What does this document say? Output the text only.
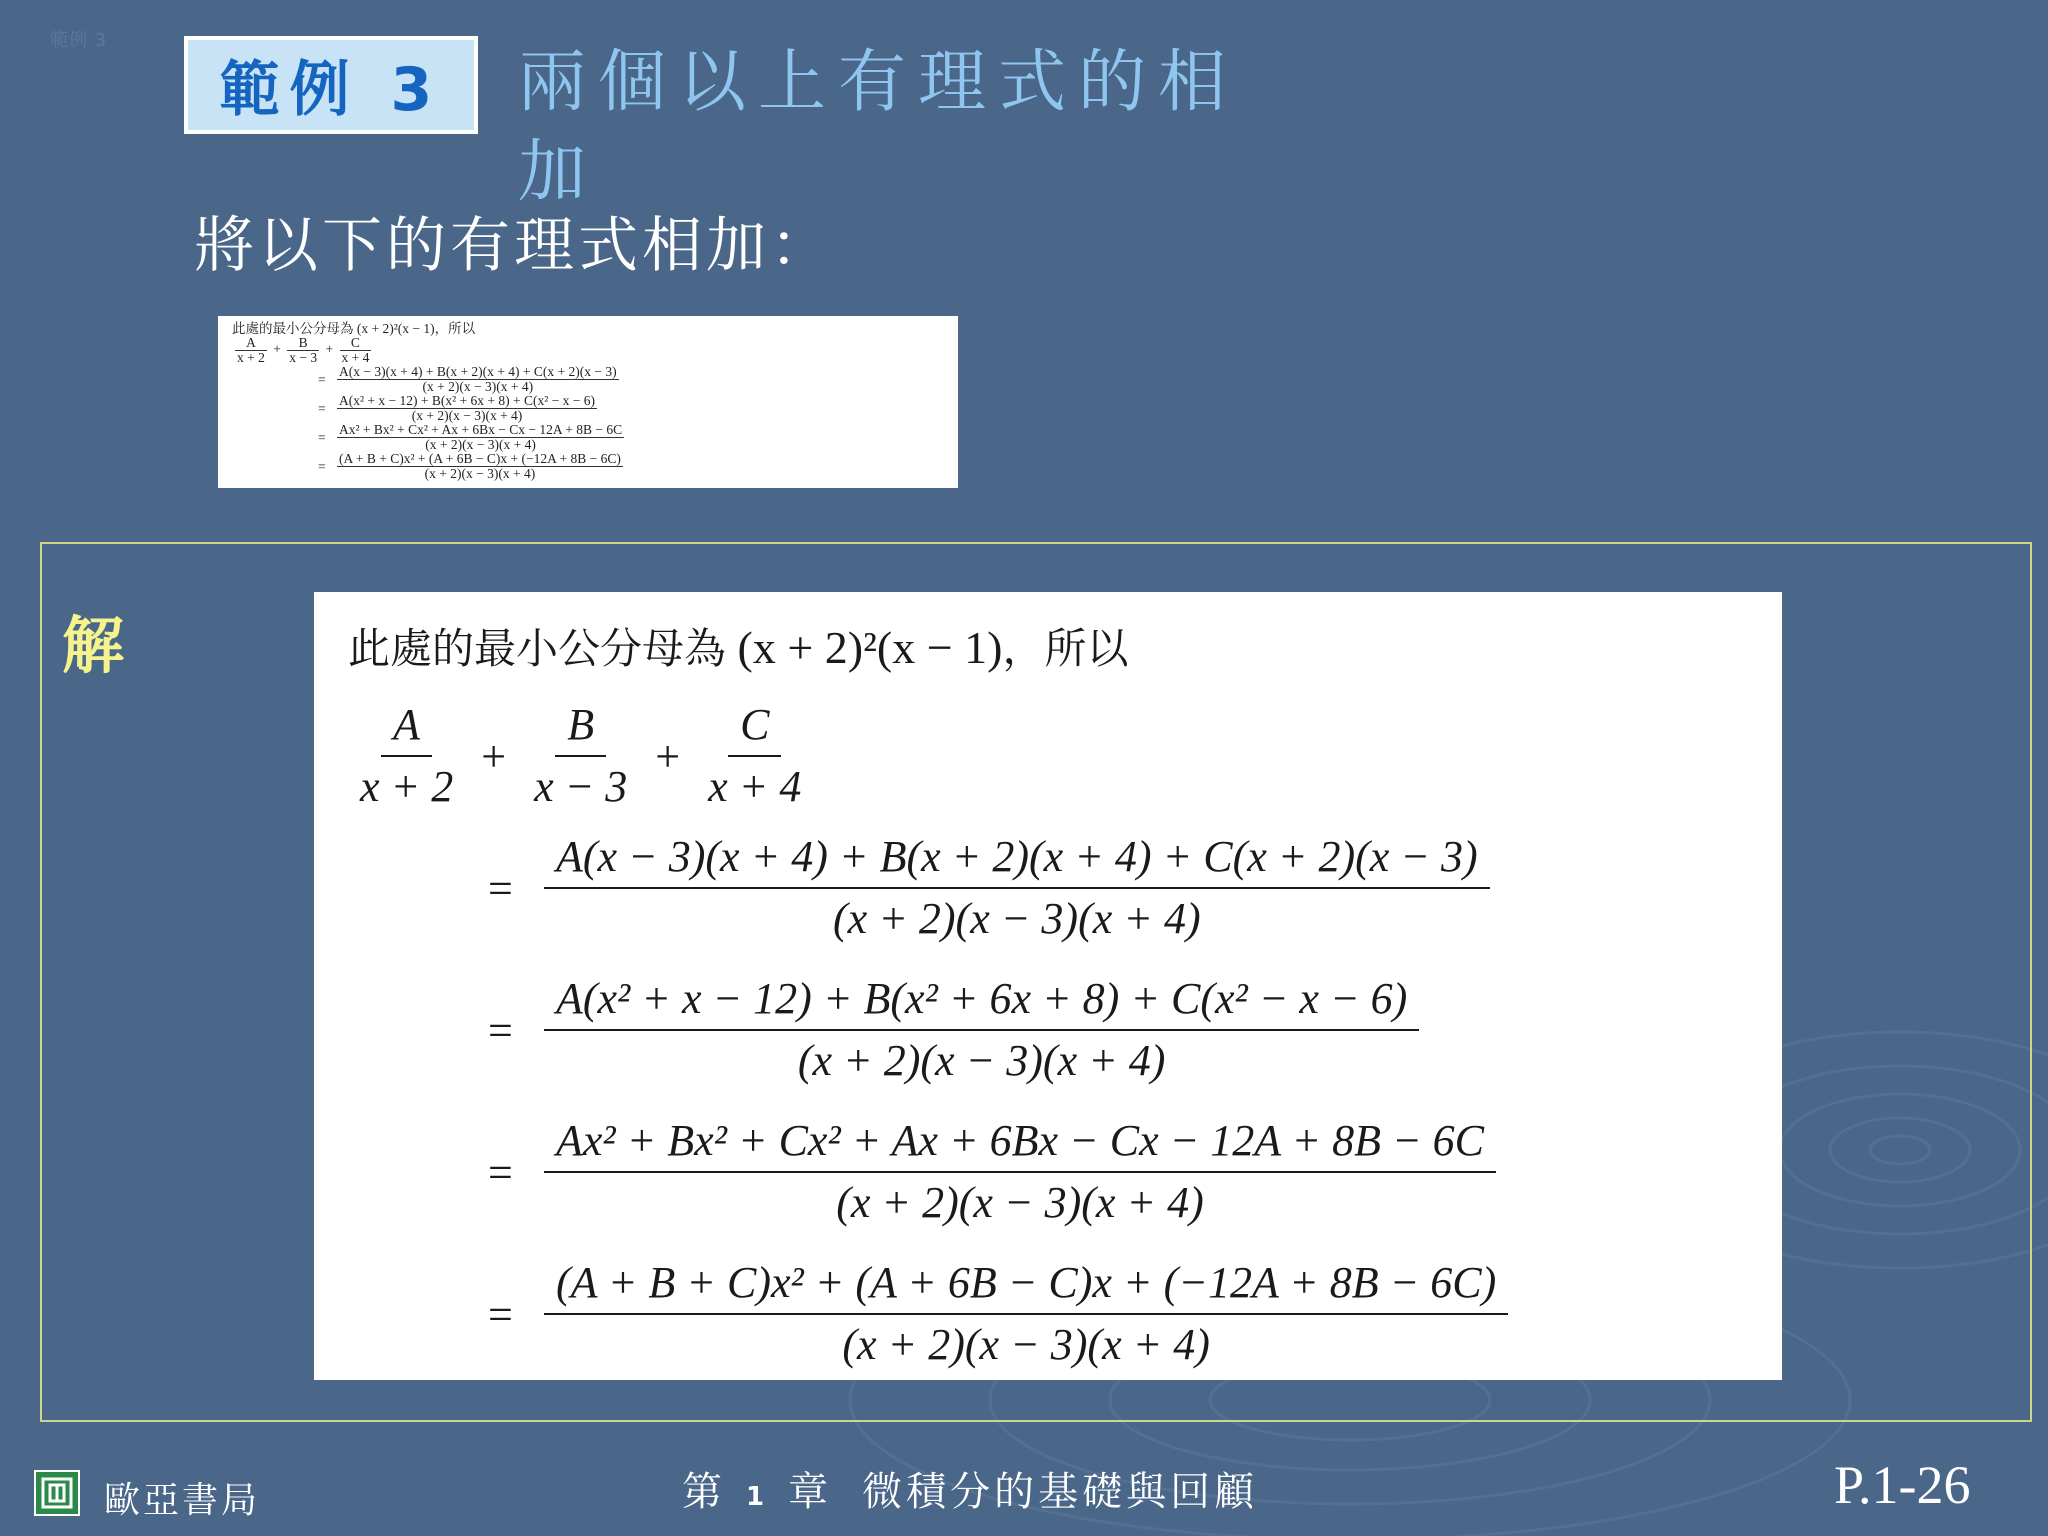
範例 3
範例 3	兩個以上有理式的相加
將以下的有理式相加：
此處的最小公分母為 (x + 2)²(x − 1)，所以
$\frac{A}{x + 2} + \frac{B}{x - 3} + \frac{C}{x + 4}$
= $\frac{A(x - 3)(x + 4) + B(x + 2)(x + 4) + C(x + 2)(x - 3)}{(x + 2)(x - 3)(x + 4)}$
= $\frac{\text{A(x² + x − 12) + B(x² + 6x + 8) + C(x² − x − 6)}}{(x + 2)(x - 3)(x + 4)}$
= $\frac{\text{Ax² + Bx² + Cx² + Ax + 6Bx − Cx − 12A + 8B − 6C}}{(x + 2)(x - 3)(x + 4)}$
= $\frac{\text{(A + B + C)x² + (A + 6B − C)x + (−12A + 8B − 6C)}}{(x + 2)(x - 3)(x + 4)}$
解	此處的最小公分母為 (x + 2)²(x − 1)，所以
A
x + 2
+ $\frac{B}{x - 3} + \frac{C}{x + 4}$
= $\frac{A(x - 3)(x + 4) + B(x + 2)(x + 4) + C(x + 2)(x - 3)}{(x + 2)(x - 3)(x + 4)}$
= $\frac{\text{A(x² + x − 12) + B(x² + 6x + 8) + C(x² − x − 6)}}{(x + 2)(x - 3)(x + 4)}$
= $\frac{\text{Ax² + Bx² + Cx² + Ax + 6Bx − Cx − 12A + 8B − 6C}}{(x + 2)(x - 3)(x + 4)}$
= $\frac{\text{(A + B + C)x² + (A + 6B − C)x + (−12A + 8B − 6C)}}{(x + 2)(x - 3)(x + 4)}$
歐亞書局	第 1 章 微積分的基礎與回顧	P.1-26
